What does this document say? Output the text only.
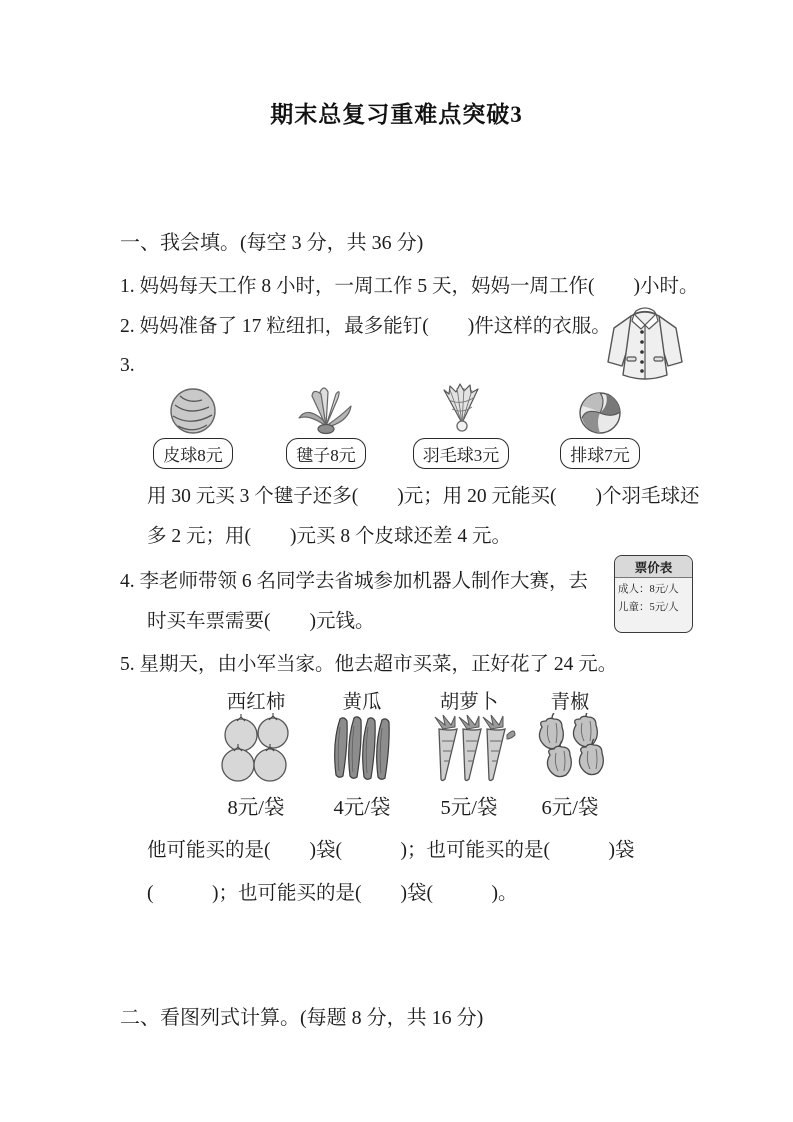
期末总复习重难点突破3
一、我会填。(每空 3 分，共 36 分)
1. 妈妈每天工作 8 小时，一周工作 5 天，妈妈一周工作(　　)小时。
2. 妈妈准备了 17 粒纽扣，最多能钉(　　)件这样的衣服。
3.
皮球8元	毽子8元	羽毛球3元	排球7元
用 30 元买 3 个毽子还多(　　)元；用 20 元能买(　　)个羽毛球还
多 2 元；用(　　)元买 8 个皮球还差 4 元。
4. 李老师带领 6 名同学去省城参加机器人制作大赛，去
时买车票需要(　　)元钱。
票价表
成人：8元/人
儿童：5元/人
5. 星期天，由小军当家。他去超市买菜，正好花了 24 元。
西红柿
8元/袋
黄瓜
4元/袋
胡萝卜
5元/袋
青椒
6元/袋
他可能买的是(　　)袋(　　　)；也可能买的是(　　　)袋
(　　　)；也可能买的是(　　)袋(　　　)。
二、看图列式计算。(每题 8 分，共 16 分)
